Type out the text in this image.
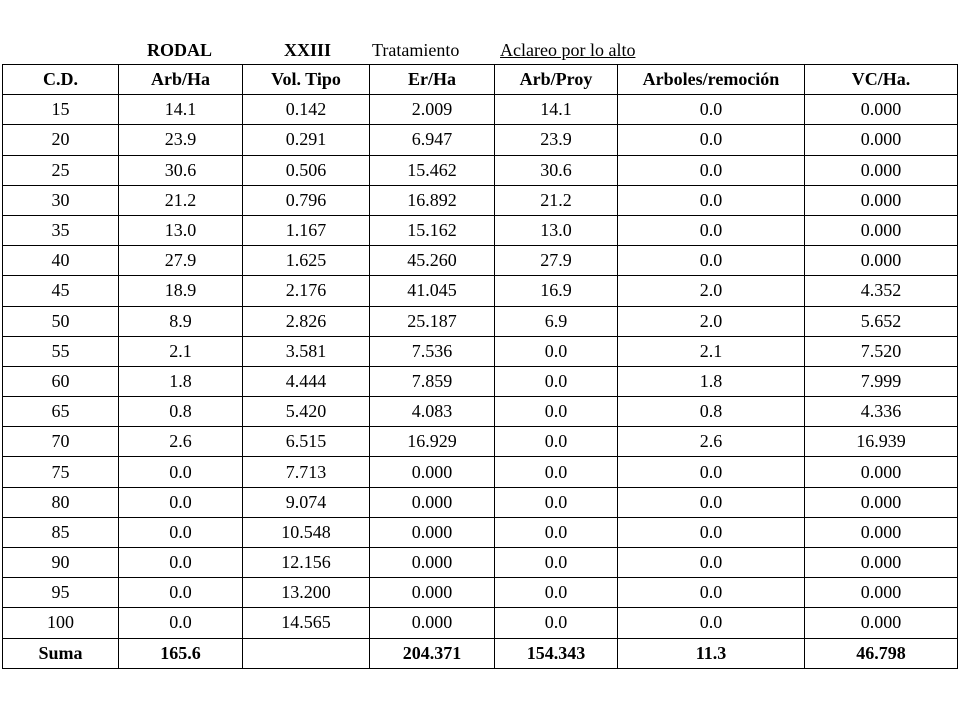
RODAL	XXIII Tratamiento Aclareo por lo alto
C.D.	Arb/Ha	Vol. Tipo	Er/Ha	Arb/Proy	Arboles/remoción	VC/Ha.
15	14.1	0.142	2.009	14.1	0.0	0.000
20	23.9	0.291	6.947	23.9	0.0	0.000
25	30.6	0.506	15.462	30.6	0.0	0.000
30	21.2	0.796	16.892	21.2	0.0	0.000
35	13.0	1.167	15.162	13.0	0.0	0.000
40	27.9	1.625	45.260	27.9	0.0	0.000
45	18.9	2.176	41.045	16.9	2.0	4.352
50	8.9	2.826	25.187	6.9	2.0	5.652
55	2.1	3.581	7.536	0.0	2.1	7.520
60	1.8	4.444	7.859	0.0	1.8	7.999
65	0.8	5.420	4.083	0.0	0.8	4.336
70	2.6	6.515	16.929	0.0	2.6	16.939
75	0.0	7.713	0.000	0.0	0.0	0.000
80	0.0	9.074	0.000	0.0	0.0	0.000
85	0.0	10.548	0.000	0.0	0.0	0.000
90	0.0	12.156	0.000	0.0	0.0	0.000
95	0.0	13.200	0.000	0.0	0.0	0.000
100	0.0	14.565	0.000	0.0	0.0	0.000
Suma	165.6		204.371	154.343	11.3	46.798
